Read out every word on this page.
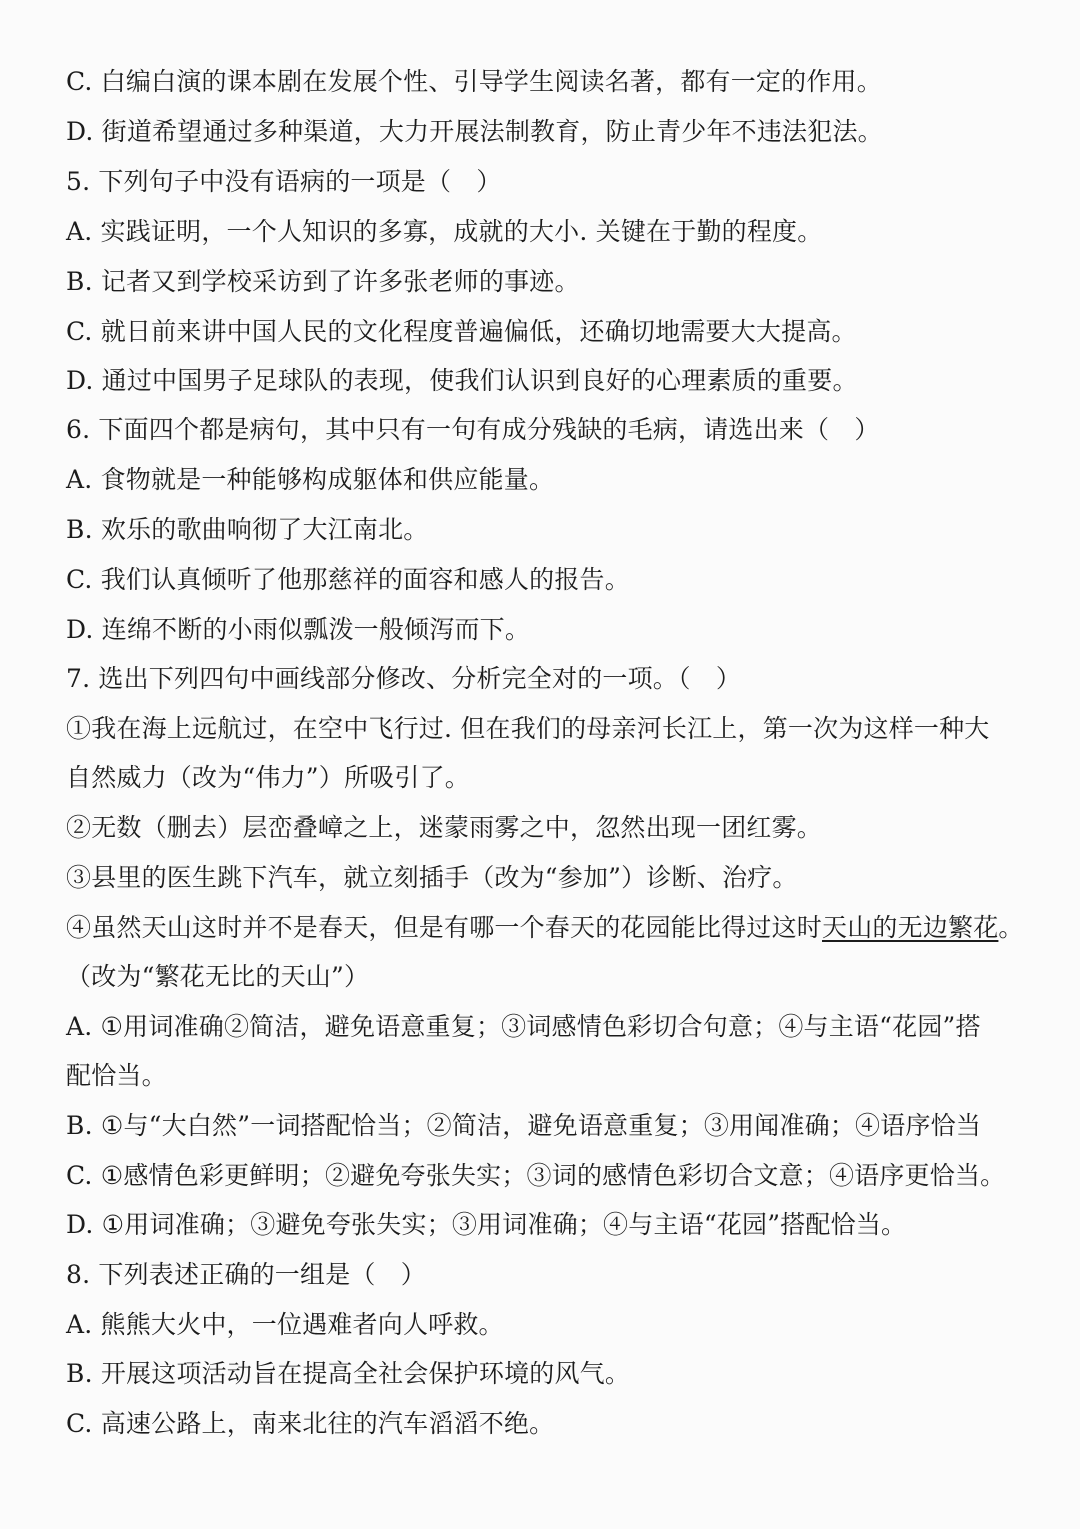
C. 白编白演的课本剧在发展个性、引导学生阅读名著，都有一定的作用。
D. 街道希望通过多种渠道，大力开展法制教育，防止青少年不违法犯法。
5. 下列句子中没有语病的一项是（　）
A. 实践证明，一个人知识的多寡，成就的大小. 关键在于勤的程度。
B. 记者又到学校采访到了许多张老师的事迹。
C. 就日前来讲中国人民的文化程度普遍偏低，还确切地需要大大提高。
D. 通过中国男子足球队的表现，使我们认识到良好的心理素质的重要。
6. 下面四个都是病句，其中只有一句有成分残缺的毛病，请选出来（　）
A. 食物就是一种能够构成躯体和供应能量。
B. 欢乐的歌曲响彻了大江南北。
C. 我们认真倾听了他那慈祥的面容和感人的报告。
D. 连绵不断的小雨似瓢泼一般倾泻而下。
7. 选出下列四句中画线部分修改、分析完全对的一项。（　）
①我在海上远航过，在空中飞行过. 但在我们的母亲河长江上，第一次为这样一种大
自然威力（改为“伟力”）所吸引了。
②无数（删去）层峦叠嶂之上，迷蒙雨雾之中，忽然出现一团红雾。
③县里的医生跳下汽车，就立刻插手（改为“参加”）诊断、治疗。
④虽然天山这时并不是春天，但是有哪一个春天的花园能比得过这时天山的无边繁花。
（改为“繁花无比的天山”）
A. ①用词准确②简洁，避免语意重复；③词感情色彩切合句意；④与主语“花园”搭
配恰当。
B. ①与“大白然”一词搭配恰当；②简洁，避免语意重复；③用闻准确；④语序恰当
C. ①感情色彩更鲜明；②避免夸张失实；③词的感情色彩切合文意；④语序更恰当。
D. ①用词准确；③避免夸张失实；③用词准确；④与主语“花园”搭配恰当。
8. 下列表述正确的一组是（　）
A. 熊熊大火中，一位遇难者向人呼救。
B. 开展这项活动旨在提高全社会保护环境的风气。
C. 高速公路上，南来北往的汽车滔滔不绝。
